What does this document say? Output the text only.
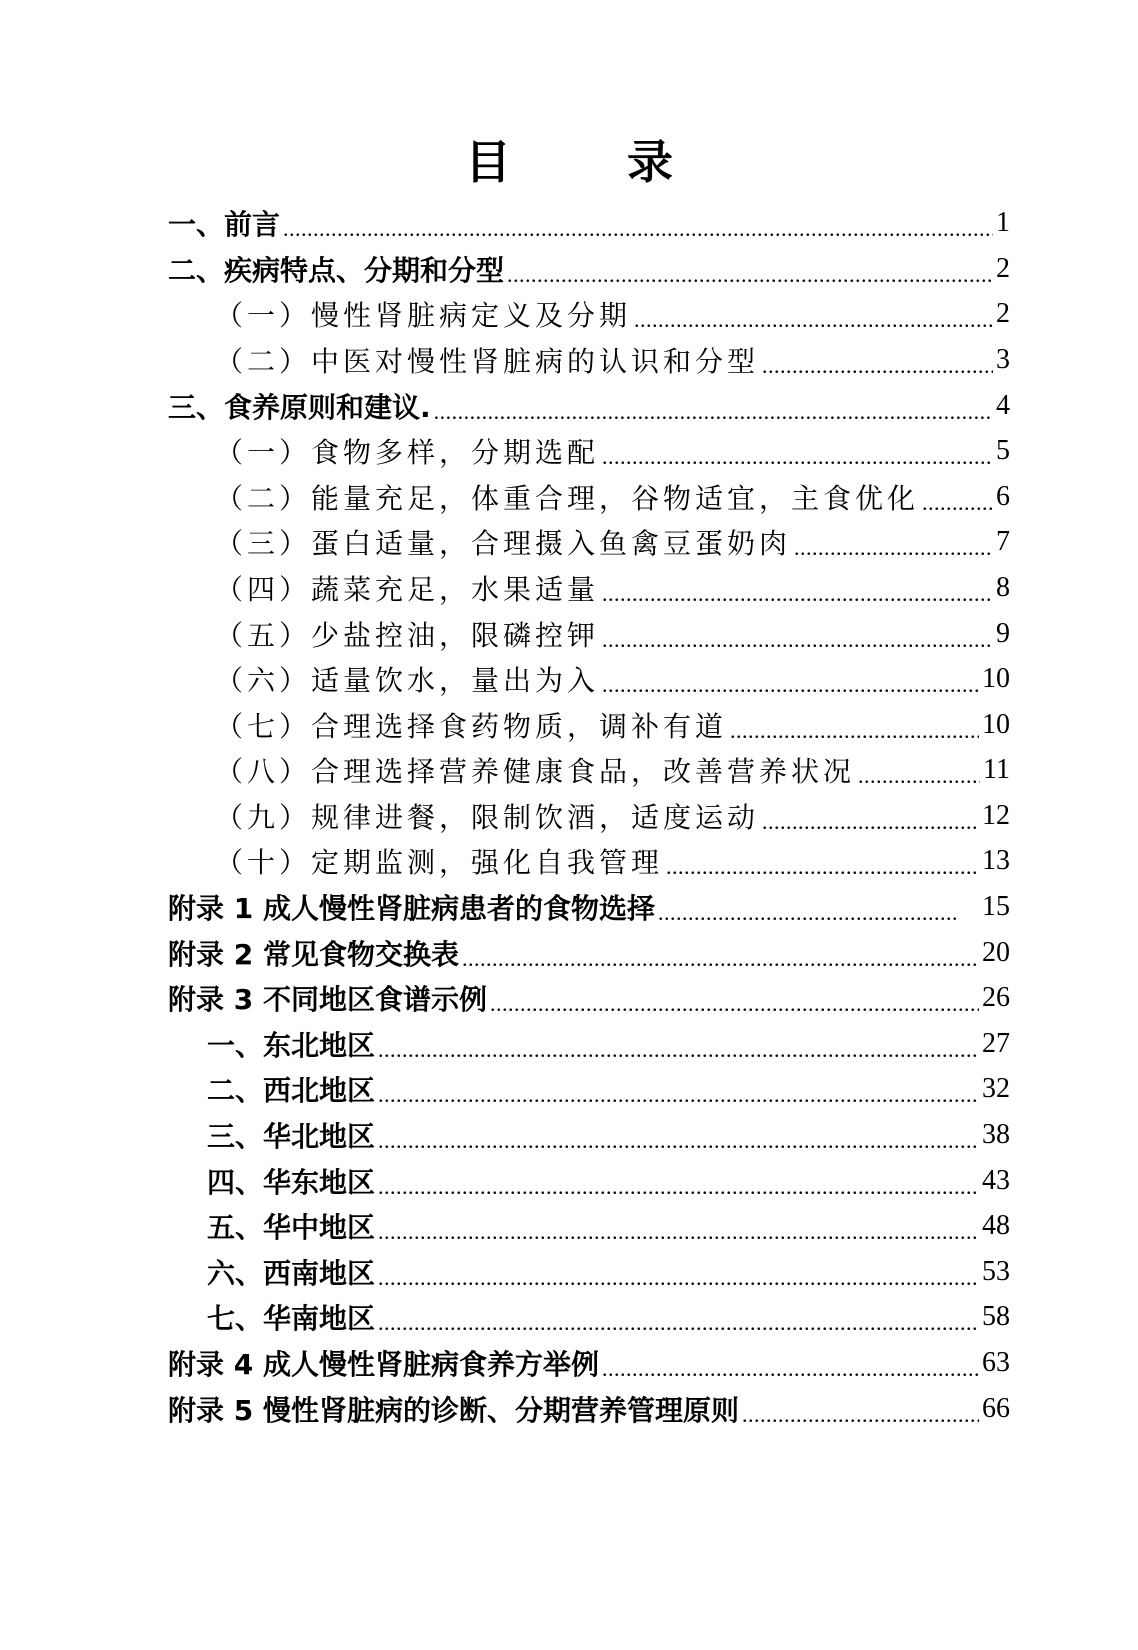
目 录
一、前言 .....	1
二、疾病特点、分期和分型 .....	2
（一）慢性肾脏病定义及分期 .....	2
（二）中医对慢性肾脏病的认识和分型 .....	3
三、食养原则和建议. .....	4
（一）食物多样，分期选配 .....	5
（二）能量充足，体重合理，谷物适宜，主食优化 .....	6
（三）蛋白适量，合理摄入鱼禽豆蛋奶肉 .....	7
（四）蔬菜充足，水果适量 .....	8
（五）少盐控油，限磷控钾 .....	9
（六）适量饮水，量出为入 .....	10
（七）合理选择食药物质，调补有道 .....	10
（八）合理选择营养健康食品，改善营养状况 .....	11
（九）规律进餐，限制饮酒，适度运动 .....	12
（十）定期监测，强化自我管理 .....	13
附录 1 成人慢性肾脏病患者的食物选择 .....	15
附录 2 常见食物交换表 .....	20
附录 3 不同地区食谱示例 .....	26
一、东北地区 .....	27
二、西北地区 .....	32
三、华北地区 .....	38
四、华东地区 .....	43
五、华中地区 .....	48
六、西南地区 .....	53
七、华南地区 .....	58
附录 4 成人慢性肾脏病食养方举例 .....	63
附录 5 慢性肾脏病的诊断、分期营养管理原则 .....	66
